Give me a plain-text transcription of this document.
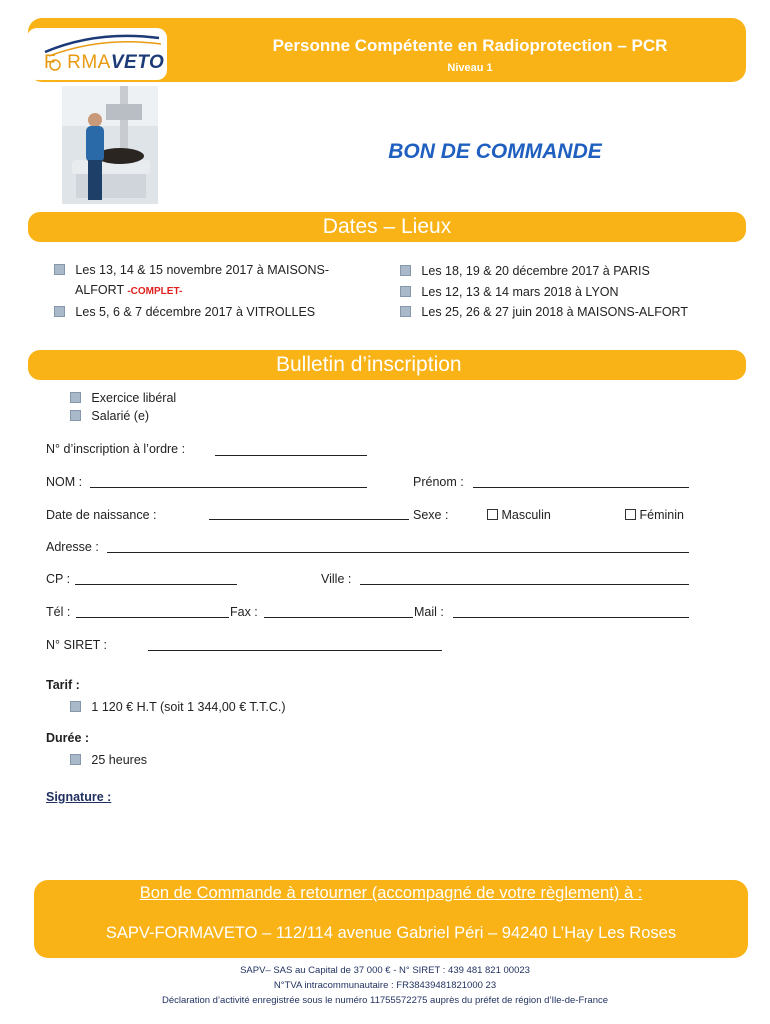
F RMAVETO
Personne Compétente en Radioprotection – PCR
Niveau 1
BON DE COMMANDE
Dates – Lieux
Les 13, 14 & 15 novembre 2017 à MAISONS-
ALFORT -COMPLET-
Les 5, 6 & 7 décembre 2017 à VITROLLES
Les 18, 19 & 20 décembre 2017 à PARIS
Les 12, 13 & 14 mars 2018 à LYON
Les 25, 26 & 27 juin 2018 à MAISONS-ALFORT
Bulletin d’inscription
Exercice libéral
Salarié (e)
N° d’inscription à l’ordre :
NOM :	Prénom :
Date de naissance :	Sexe :	Masculin	Féminin
Adresse :
CP :	Ville :
Tél :	Fax :	Mail :
N° SIRET :
Tarif :
1 120 € H.T (soit 1 344,00 € T.T.C.)
Durée :
25 heures
Signature :
Bon de Commande à retourner (accompagné de votre règlement) à :
SAPV-FORMAVETO – 112/114 avenue Gabriel Péri – 94240 L’Hay Les Roses
SAPV– SAS au Capital de 37 000 € - N° SIRET : 439 481 821 00023
N°TVA intracommunautaire : FR38439481821000 23
Déclaration d’activité enregistrée sous le numéro 11755572275 auprès du préfet de région d’Ile-de-France
